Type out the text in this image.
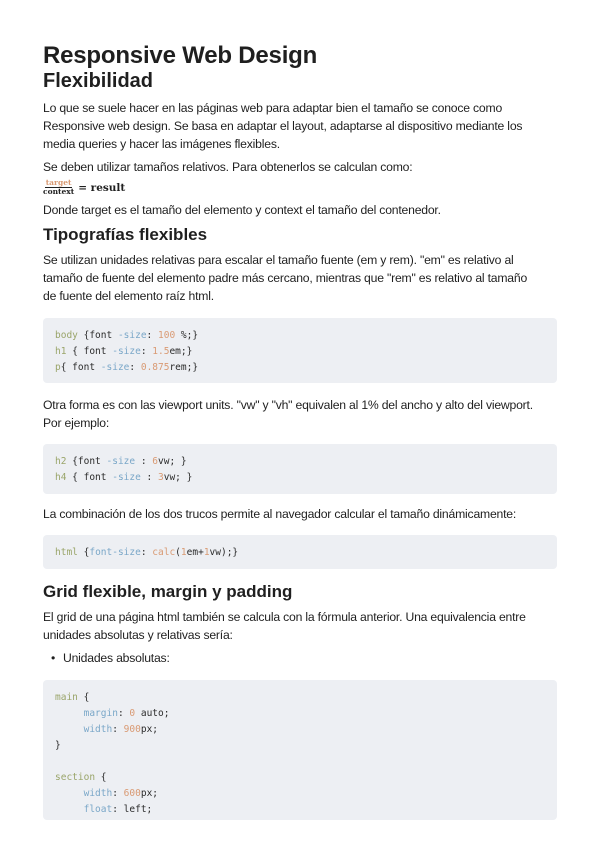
Responsive Web Design
Flexibilidad

Lo que se suele hacer en las páginas web para adaptar bien el tamaño se conoce como

Responsive web design. Se basa en adaptar el layout, adaptarse al dispositivo mediante los

media queries y hacer las imágenes flexibles.

Se deben utilizar tamaños relativos. Para obtenerlos se calculan como:

$\frac{\text{target}}{\text{context}}$ = result

Donde target es el tamaño del elemento y context el tamaño del contenedor.

Tipografías flexibles

Se utilizan unidades relativas para escalar el tamaño fuente (em y rem). "em" es relativo al

tamaño de fuente del elemento padre más cercano, mientras que "rem" es relativo al tamaño

de fuente del elemento raíz html.

body {font -size: 100 %;}
h1 { font -size: 1.5em;}
p{ font -size: 0.875rem;}

Otra forma es con las viewport units. "vw" y "vh" equivalen al 1% del ancho y alto del viewport.

Por ejemplo:

h2 {font -size : 6vw; }
h4 { font -size : 3vw; }

La combinación de los dos trucos permite al navegador calcular el tamaño dinámicamente:

html {font-size: calc(1em+1vw);}
Grid flexible, margin y padding

El grid de una página html también se calcula con la fórmula anterior. Una equivalencia entre

unidades absolutas y relativas sería:

• Unidades absolutas:
main {
margin: 0 auto;
width: 900px;
}
section {
width: 600px;
float: left;
